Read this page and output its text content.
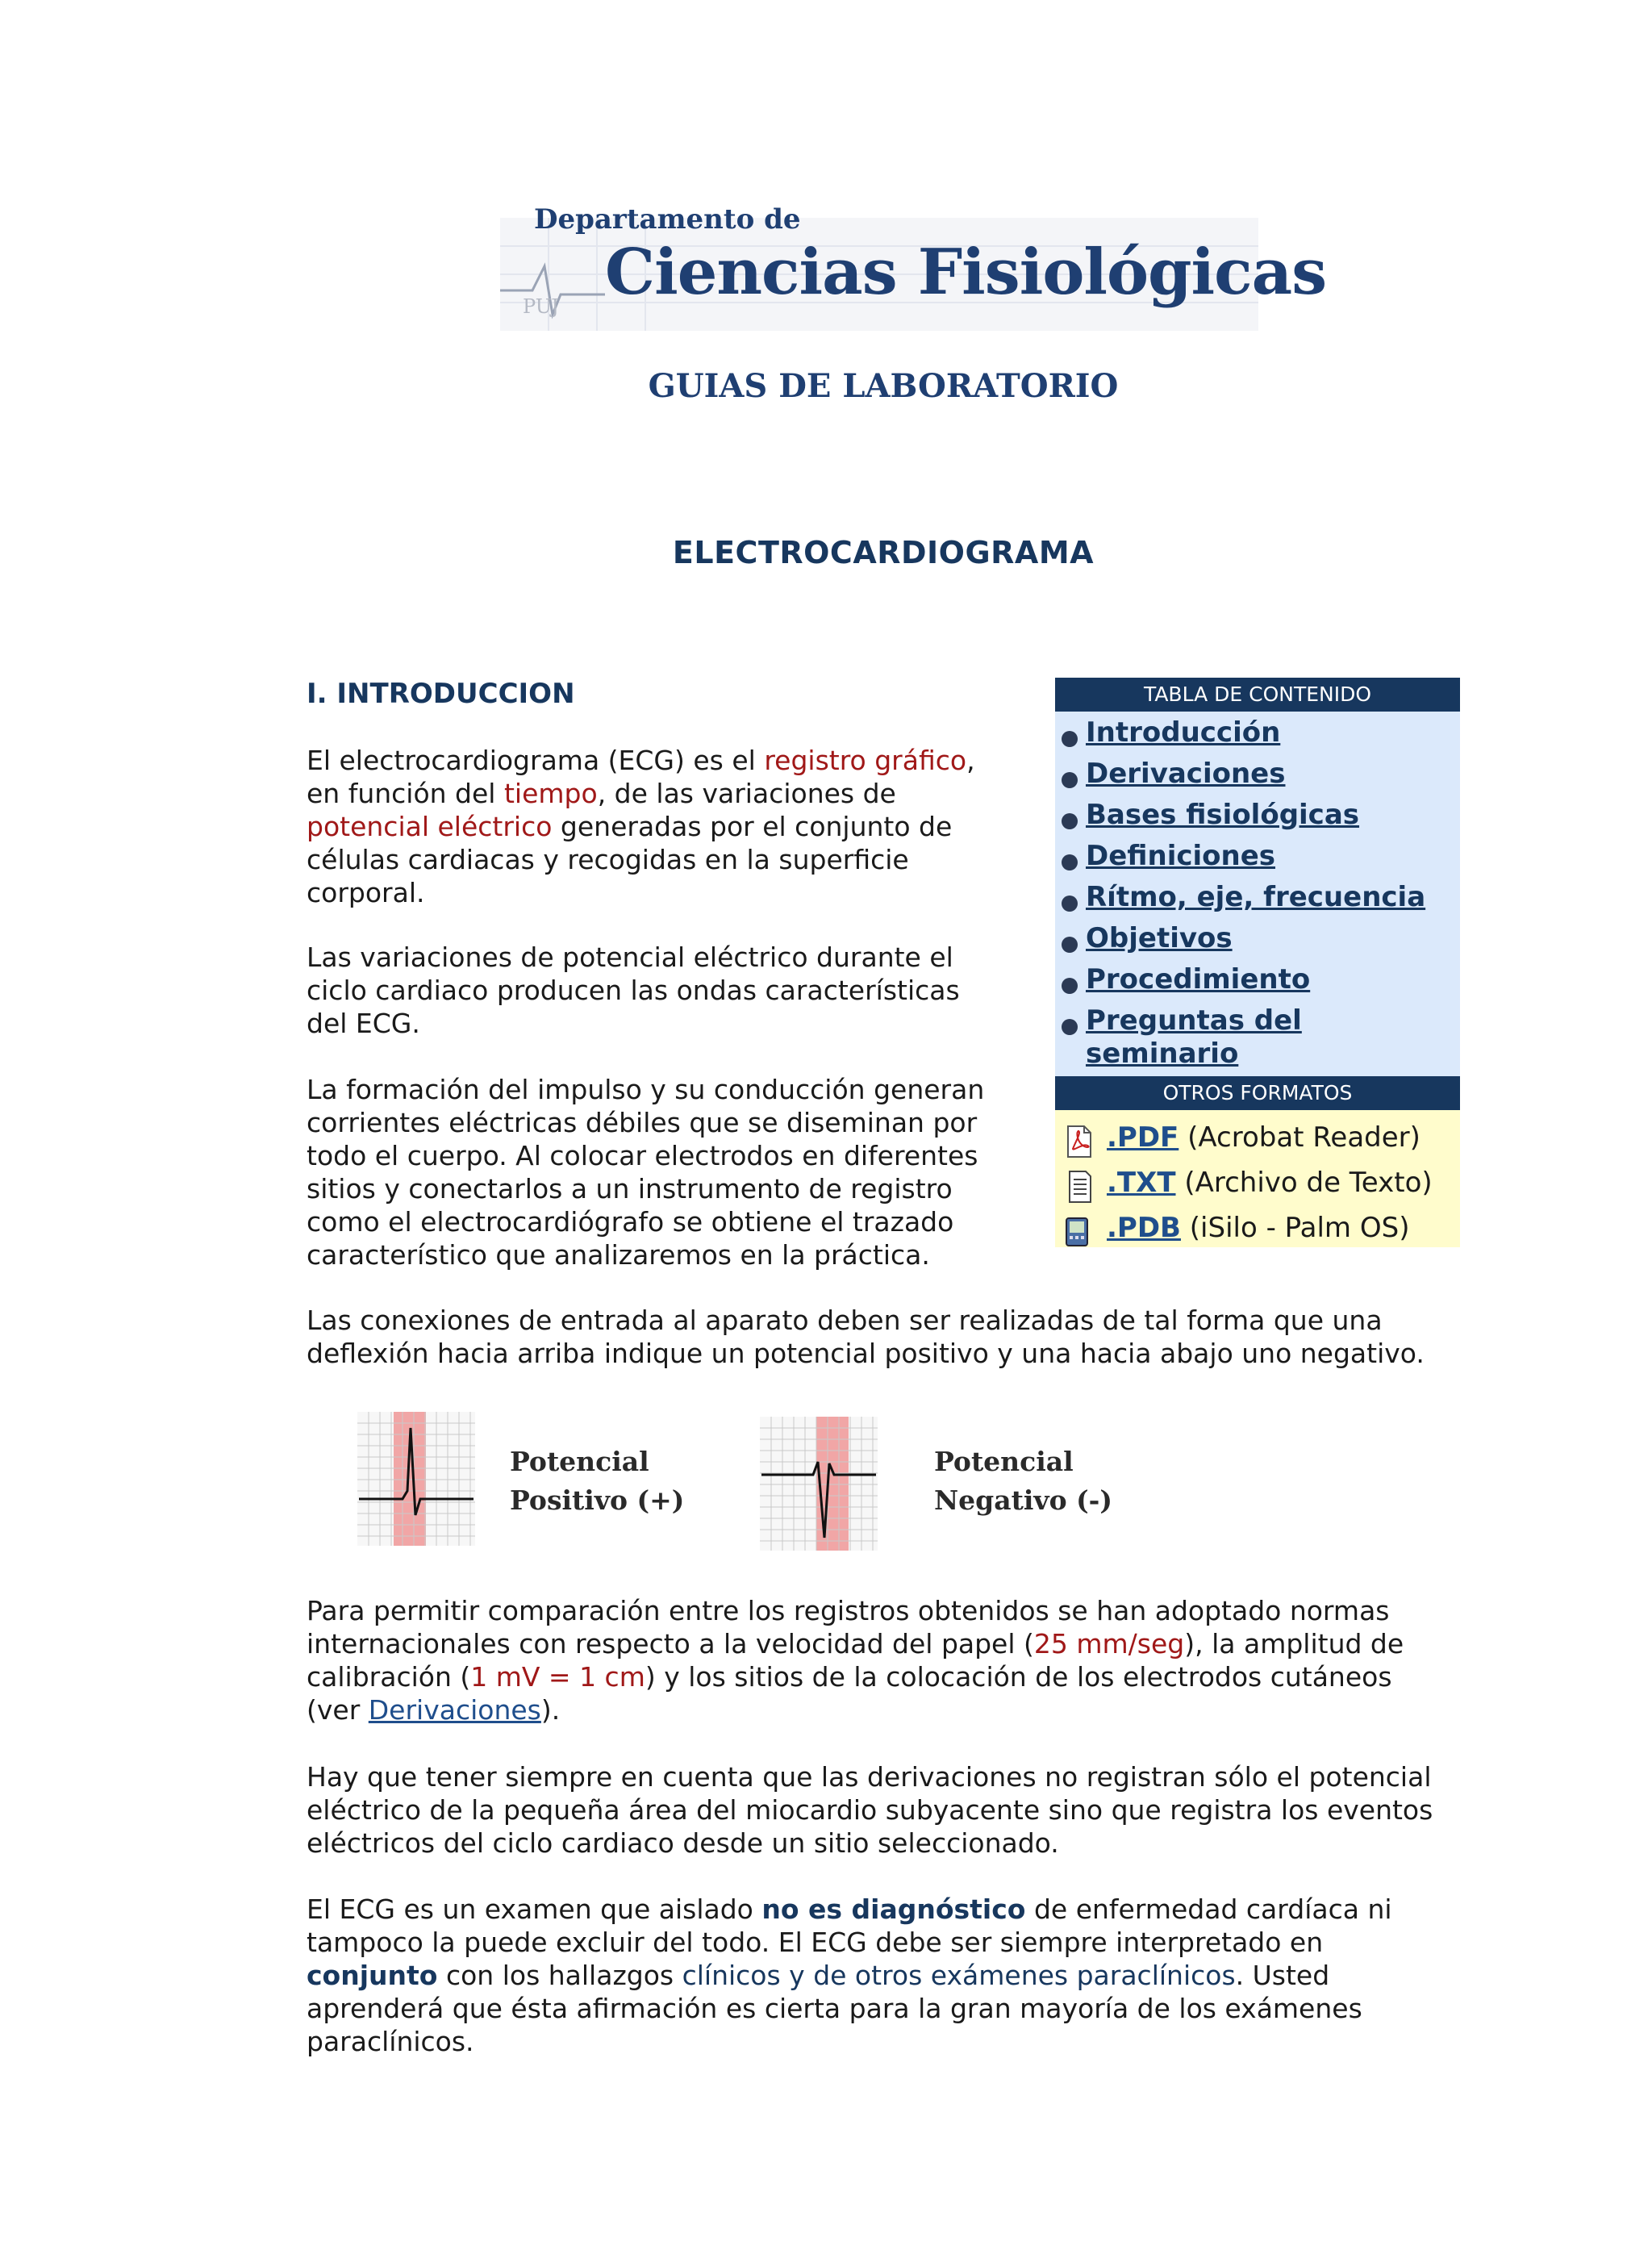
Departamento de
Ciencias Fisiológicas
PUJ
GUIAS DE LABORATORIO
ELECTROCARDIOGRAMA
I. INTRODUCCION
El electrocardiograma (ECG) es el registro gráfico,
en función del tiempo, de las variaciones de
potencial eléctrico generadas por el conjunto de
células cardiacas y recogidas en la superficie
corporal.
Las variaciones de potencial eléctrico durante el
ciclo cardiaco producen las ondas características
del ECG.
La formación del impulso y su conducción generan
corrientes eléctricas débiles que se diseminan por
todo el cuerpo. Al colocar electrodos en diferentes
sitios y conectarlos a un instrumento de registro
como el electrocardiógrafo se obtiene el trazado
característico que analizaremos en la práctica.
Las conexiones de entrada al aparato deben ser realizadas de tal forma que una
deflexión hacia arriba indique un potencial positivo y una hacia abajo uno negativo.
Potencial
Positivo (+)
Potencial
Negativo (-)
Para permitir comparación entre los registros obtenidos se han adoptado normas
internacionales con respecto a la velocidad del papel (25 mm/seg), la amplitud de
calibración (1 mV = 1 cm) y los sitios de la colocación de los electrodos cutáneos
(ver Derivaciones).
Hay que tener siempre en cuenta que las derivaciones no registran sólo el potencial
eléctrico de la pequeña área del miocardio subyacente sino que registra los eventos
eléctricos del ciclo cardiaco desde un sitio seleccionado.
El ECG es un examen que aislado no es diagnóstico de enfermedad cardíaca ni
tampoco la puede excluir del todo. El ECG debe ser siempre interpretado en
conjunto con los hallazgos clínicos y de otros exámenes paraclínicos. Usted
aprenderá que ésta afirmación es cierta para la gran mayoría de los exámenes
paraclínicos.
TABLA DE CONTENIDO
Introducción
Derivaciones
Bases fisiológicas
Definiciones
Rítmo, eje, frecuencia
Objetivos
Procedimiento
Preguntas del
seminario
OTROS FORMATOS
.PDF (Acrobat Reader)
.TXT (Archivo de Texto)
.PDB (iSilo - Palm OS)
